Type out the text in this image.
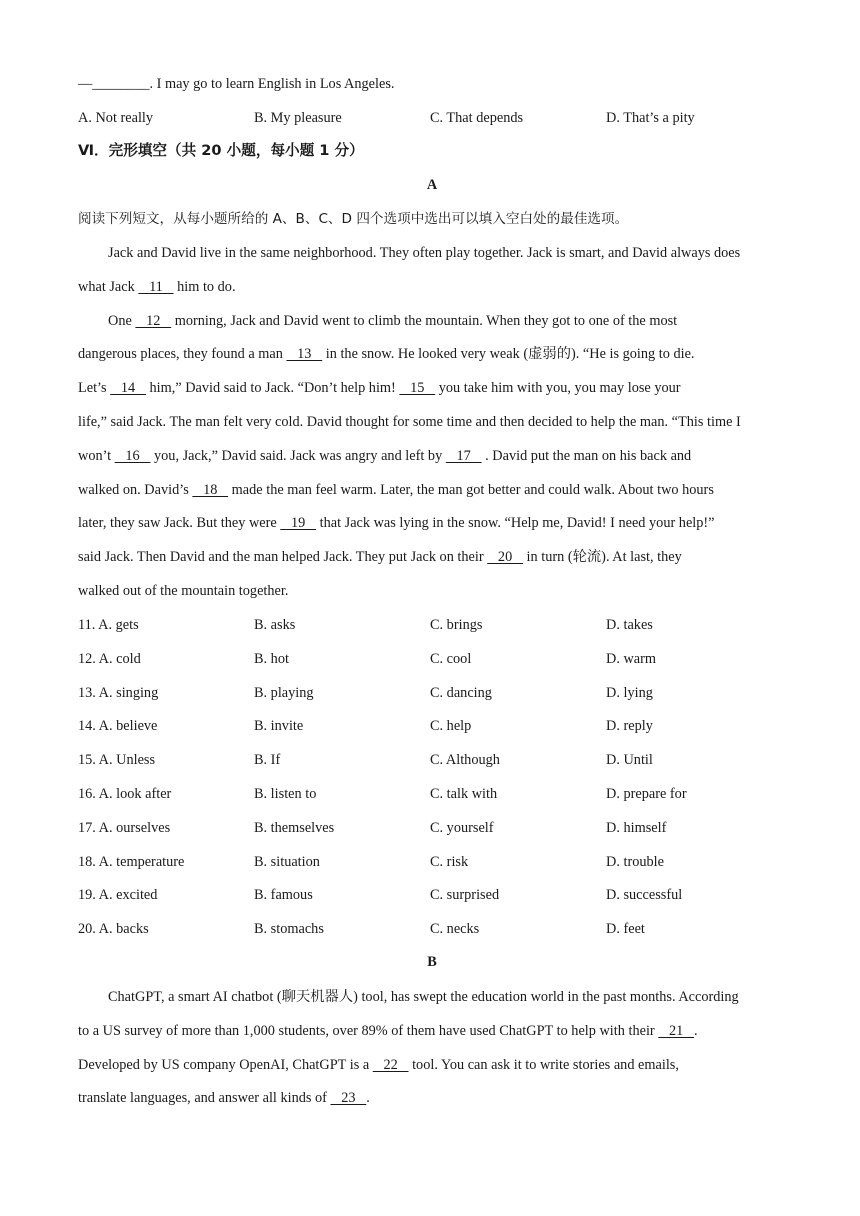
—________. I may go to learn English in Los Angeles.
A. Not really	B. My pleasure	C. That depends	D. That’s a pity
Ⅵ．完形填空（共 20 小题，每小题 1 分）
A
阅读下列短文，从每小题所给的 A、B、C、D 四个选项中选出可以填入空白处的最佳选项。
Jack and David live in the same neighborhood. They often play together. Jack is smart, and David always does
what Jack    11    him to do.
One    12    morning, Jack and David went to climb the mountain. When they got to one of the most
dangerous places, they found a man    13    in the snow. He looked very weak (虚弱的). “He is going to die.
Let’s    14    him,” David said to Jack. “Don’t help him!    15    you take him with you, you may lose your
life,” said Jack. The man felt very cold. David thought for some time and then decided to help the man. “This time I
won’t    16    you, Jack,” David said. Jack was angry and left by    17    . David put the man on his back and
walked on. David’s    18    made the man feel warm. Later, the man got better and could walk. About two hours
later, they saw Jack. But they were    19    that Jack was lying in the snow. “Help me, David! I need your help!”
said Jack. Then David and the man helped Jack. They put Jack on their    20    in turn (轮流). At last, they
walked out of the mountain together.
11. A. gets	B. asks	C. brings	D. takes
12. A. cold	B. hot	C. cool	D. warm
13. A. singing	B. playing	C. dancing	D. lying
14. A. believe	B. invite	C. help	D. reply
15. A. Unless	B. If	C. Although	D. Until
16. A. look after	B. listen to	C. talk with	D. prepare for
17. A. ourselves	B. themselves	C. yourself	D. himself
18. A. temperature	B. situation	C. risk	D. trouble
19. A. excited	B. famous	C. surprised	D. successful
20. A. backs	B. stomachs	C. necks	D. feet
B
ChatGPT, a smart AI chatbot (聊天机器人) tool, has swept the education world in the past months. According
to a US survey of more than 1,000 students, over 89% of them have used ChatGPT to help with their    21   .
Developed by US company OpenAI, ChatGPT is a    22    tool. You can ask it to write stories and emails,
translate languages, and answer all kinds of    23   .
